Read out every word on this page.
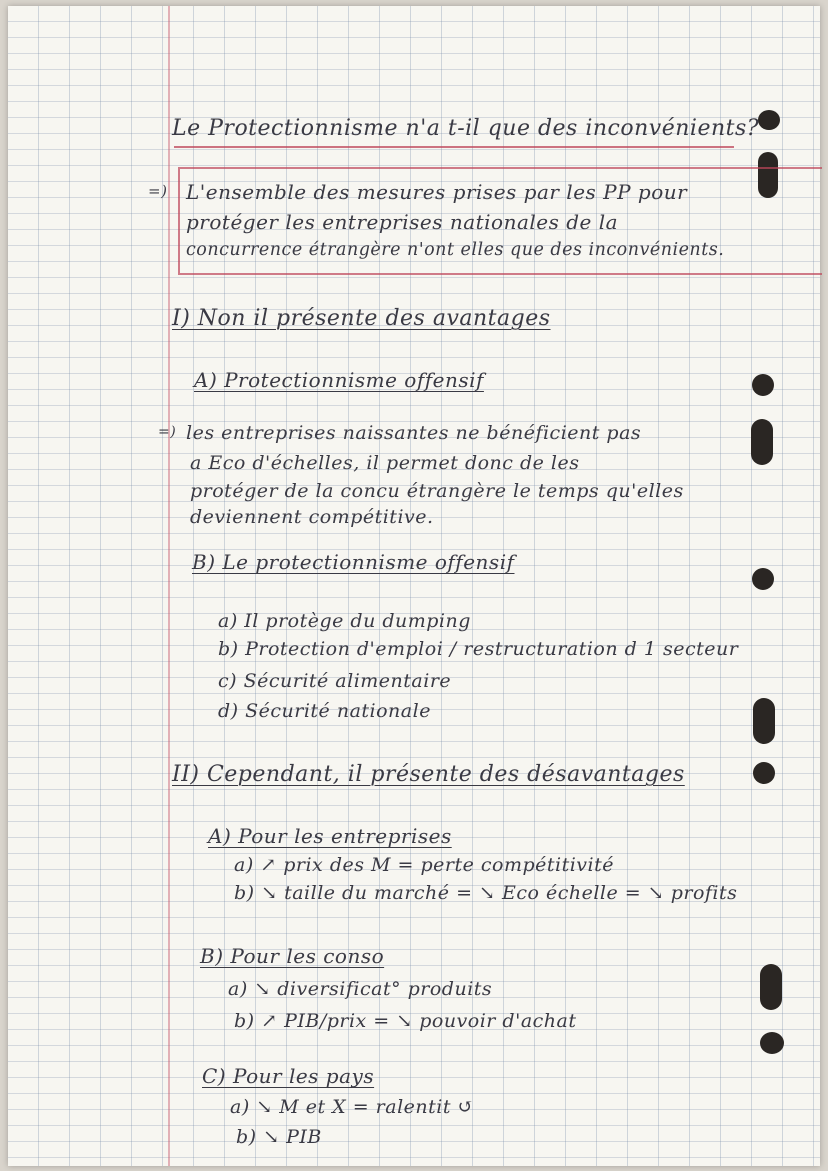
Le Protectionnisme n'a t-il que des inconvénients?
=) L'ensemble des mesures prises par les PP pour
protéger les entreprises nationales de la
concurrence étrangère n'ont elles que des inconvénients.
I) Non il présente des avantages
A) Protectionnisme offensif
=) les entreprises naissantes ne bénéficient pas
a Eco d'échelles, il permet donc de les
protéger de la concu étrangère le temps qu'elles
deviennent compétitive.
B) Le protectionnisme offensif
a) Il protège du dumping
b) Protection d'emploi / restructuration d 1 secteur
c) Sécurité alimentaire
d) Sécurité nationale
II) Cependant, il présente des désavantages
A) Pour les entreprises
a) ↗ prix des M = perte compétitivité
b) ↘ taille du marché = ↘ Eco échelle = ↘ profits
B) Pour les conso
a) ↘ diversificat° produits
b) ↗ PIB/prix = ↘ pouvoir d'achat
C) Pour les pays
a) ↘ M et X = ralentit ↺
b) ↘ PIB
